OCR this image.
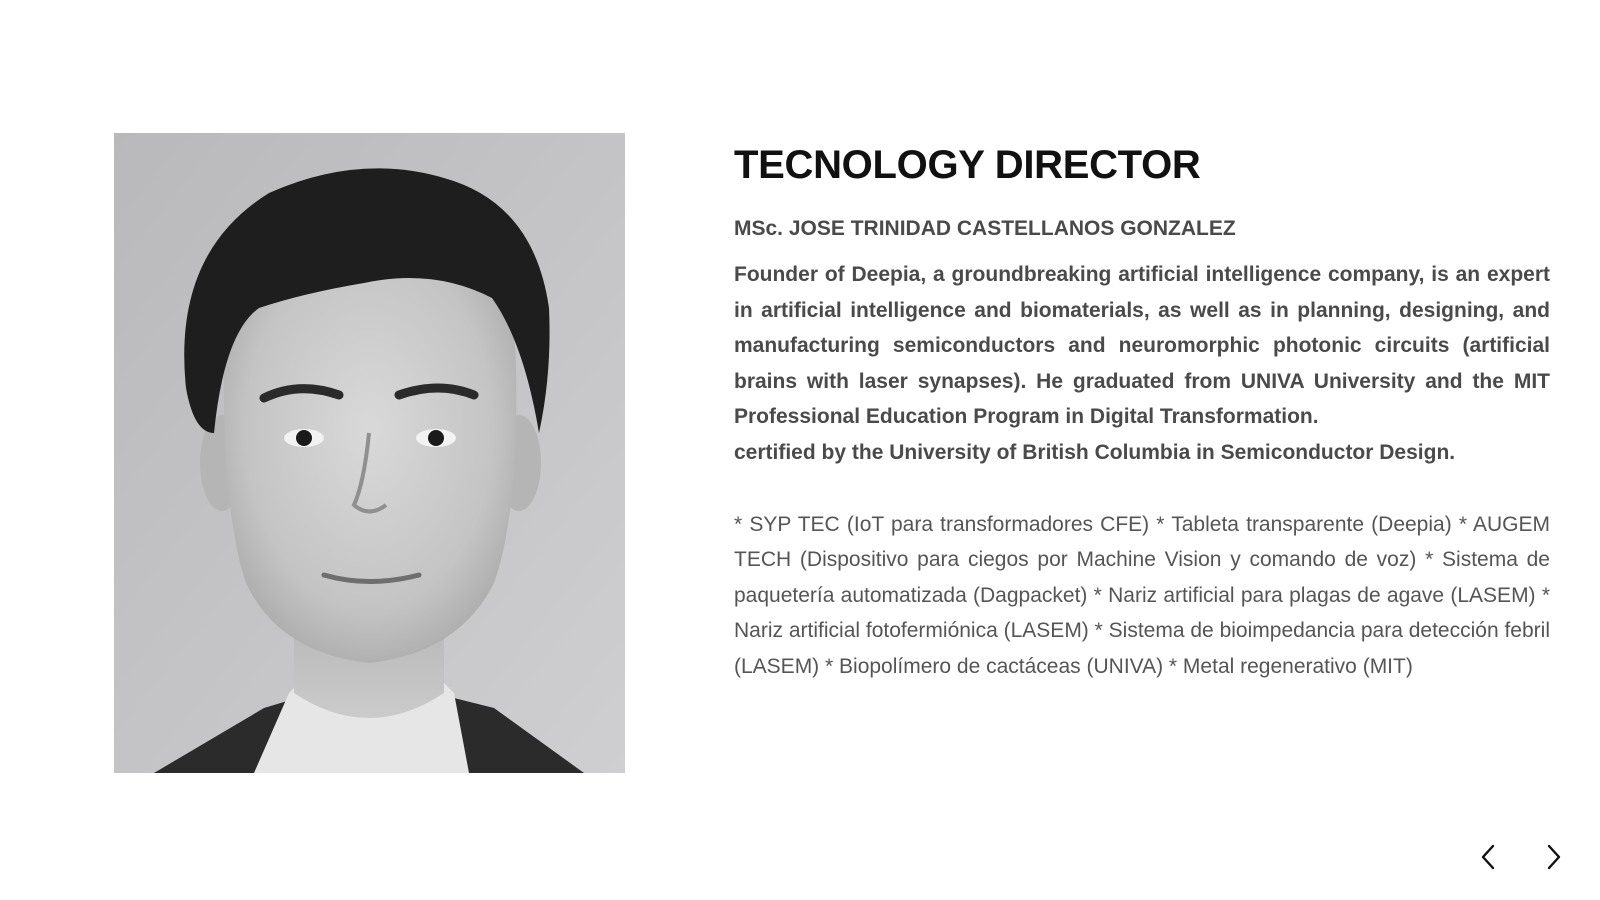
TECNOLOGY DIRECTOR
MSc. JOSE TRINIDAD CASTELLANOS GONZALEZ

Founder of Deepia, a groundbreaking artificial intelligence company, is an expert in artificial intelligence and biomaterials, as well as in planning, designing, and manufacturing semiconductors and neuromorphic photonic circuits (artificial brains with laser synapses). He graduated from UNIVA University and the MIT Professional Education Program in Digital Transformation.

certified by the University of British Columbia in Semiconductor Design.

* SYP TEC (IoT para transformadores CFE) * Tableta transparente (Deepia) * AUGEM TECH (Dispositivo para ciegos por Machine Vision y comando de voz) * Sistema de paquetería automatizada (Dagpacket) * Nariz artificial para plagas de agave (LASEM) * Nariz artificial fotofermiónica (LASEM) * Sistema de bioimpedancia para detección febril (LASEM) * Biopolímero de cactáceas (UNIVA) * Metal regenerativo (MIT)
